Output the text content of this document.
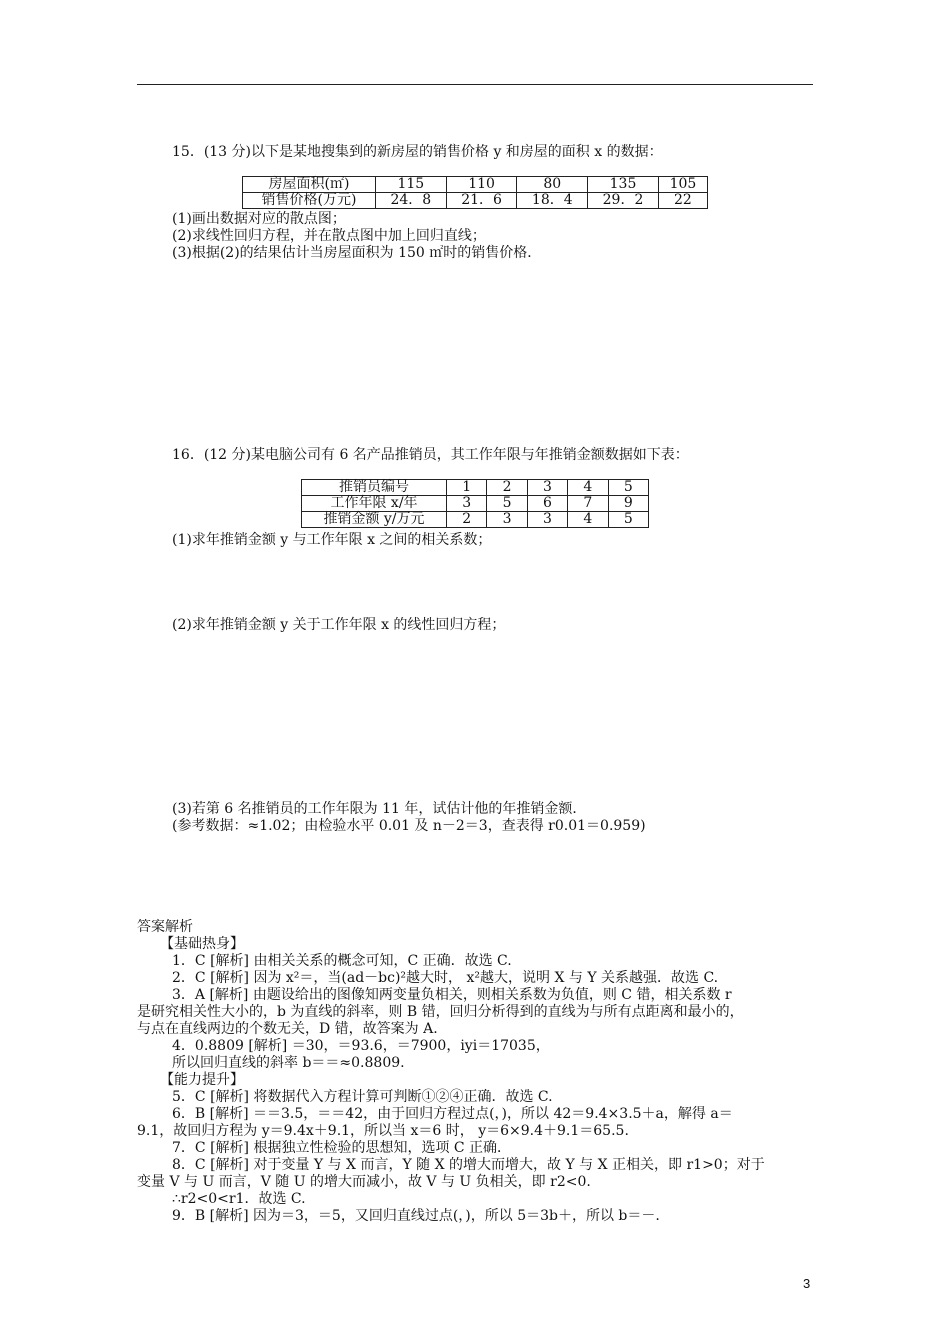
15．(13 分)以下是某地搜集到的新房屋的销售价格 y 和房屋的面积 x 的数据：
房屋面积(㎡)	115	110	80	135	105
销售价格(万元)	24．8	21．6	18．4	29．2	22
(1)画出数据对应的散点图；
(2)求线性回归方程，并在散点图中加上回归直线；
(3)根据(2)的结果估计当房屋面积为 150 ㎡时的销售价格．
16．(12 分)某电脑公司有 6 名产品推销员，其工作年限与年推销金额数据如下表：
推销员编号	1	2	3	4	5
工作年限 x/年	3	5	6	7	9
推销金额 y/万元	2	3	3	4	5
(1)求年推销金额 y 与工作年限 x 之间的相关系数；
(2)求年推销金额 y 关于工作年限 x 的线性回归方程；
(3)若第 6 名推销员的工作年限为 11 年，试估计他的年推销金额．
(参考数据：≈1.02；由检验水平 0.01 及 n－2＝3，查表得 r0.01＝0.959)
答案解析
【基础热身】
1．C [解析] 由相关关系的概念可知，C 正确．故选 C.
2．C [解析] 因为 x²＝，当(ad－bc)²越大时， x²越大，说明 X 与 Y 关系越强．故选 C.
3．A [解析] 由题设给出的图像知两变量负相关，则相关系数为负值，则 C 错，相关系数 r
是研究相关性大小的，b 为直线的斜率，则 B 错，回归分析得到的直线为与所有点距离和最小的，
与点在直线两边的个数无关，D 错，故答案为 A.
4．0.8809 [解析] ＝30，＝93.6，＝7900，iyi＝17035，
所以回归直线的斜率 b＝＝≈0.8809.
【能力提升】
5．C [解析] 将数据代入方程计算可判断①②④正确．故选 C.
6．B [解析] ＝＝3.5，＝＝42，由于回归方程过点(，)，所以 42＝9.4×3.5＋a，解得 a＝
9.1，故回归方程为 y＝9.4x＋9.1，所以当 x＝6 时， y＝6×9.4＋9.1＝65.5.
7．C [解析] 根据独立性检验的思想知，选项 C 正确．
8．C [解析] 对于变量 Y 与 X 而言，Y 随 X 的增大而增大，故 Y 与 X 正相关，即 r1>0；对于
变量 V 与 U 而言，V 随 U 的增大而减小，故 V 与 U 负相关，即 r2<0.
∴r2<0<r1．故选 C.
9．B [解析] 因为＝3，＝5，又回归直线过点(，)，所以 5＝3b＋，所以 b＝－.
3
